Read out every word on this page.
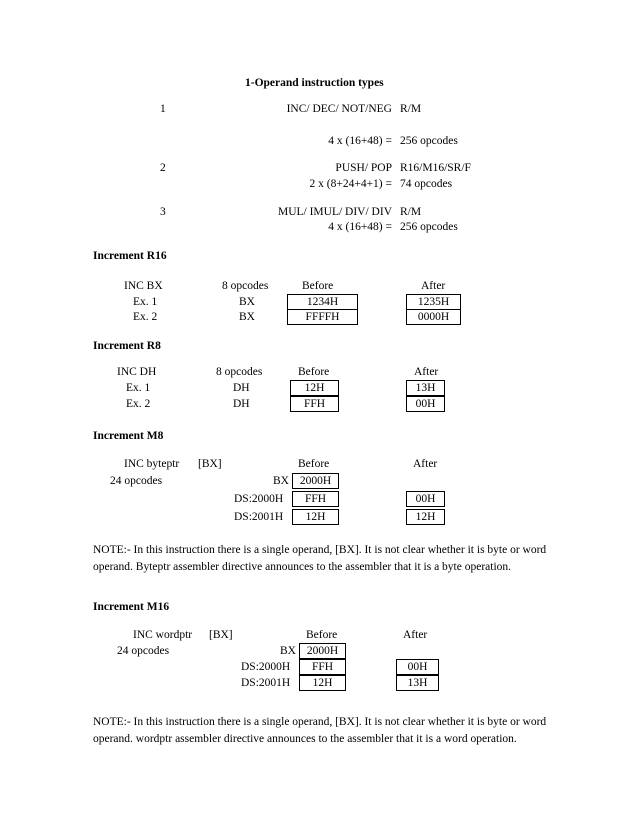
1-Operand instruction types
1	INC/ DEC/ NOT/NEG R/M
4 x (16+48) = 256 opcodes
2	PUSH/ POP R16/M16/SR/F
2 x (8+24+4+1) = 74 opcodes
3	MUL/ IMUL/ DIV/ DIV R/M
4 x (16+48) = 256 opcodes
Increment R16
INC BX	8 opcodes	Before	After
Ex. 1	BX	1234H	1235H
Ex. 2	BX	FFFFH	0000H
Increment R8
INC DH	8 opcodes	Before	After
Ex. 1	DH	12H	13H
Ex. 2	DH	FFH	00H
Increment M8
INC byteptr [BX]	Before	After
24 opcodes	BX 2000H
DS:2000H	FFH	00H
DS:2001H	12H	12H
NOTE:- In this instruction there is a single operand, [BX]. It is not clear whether it is byte or word operand. Byteptr assembler directive announces to the assembler that it is a byte operation.
Increment M16
INC wordptr [BX]	Before	After
24 opcodes	BX 2000H
DS:2000H	FFH	00H
DS:2001H	12H	13H
NOTE:- In this instruction there is a single operand, [BX]. It is not clear whether it is byte or word operand. wordptr assembler directive announces to the assembler that it is a word operation.
